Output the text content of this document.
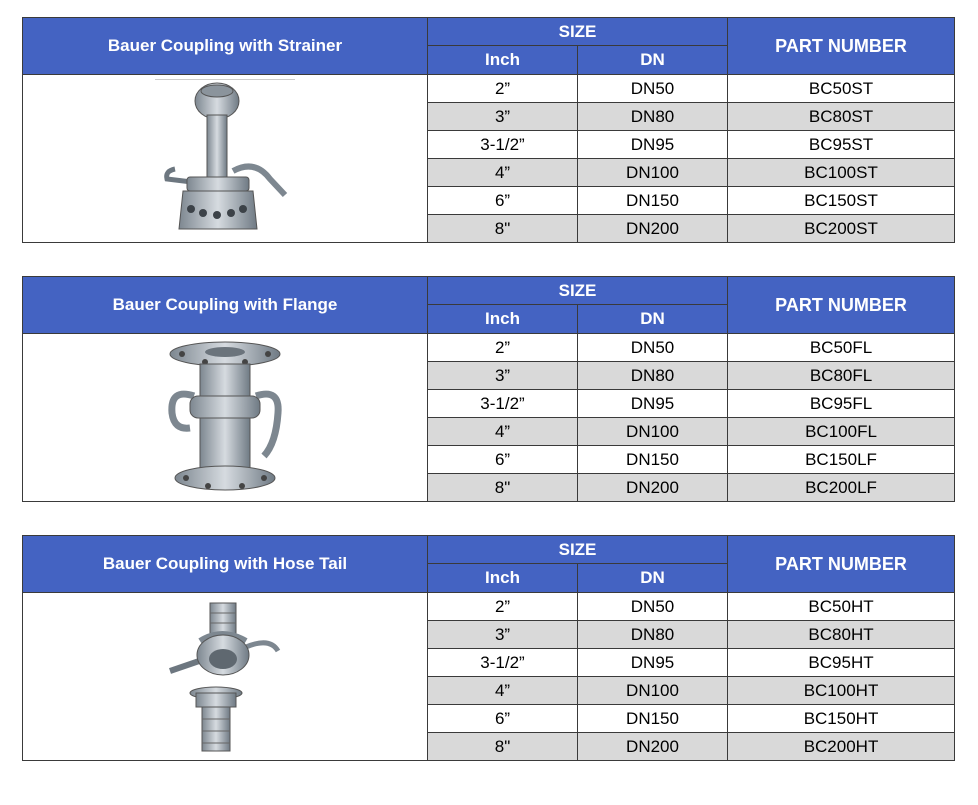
Bauer Coupling with Strainer	SIZE		PART NUMBER
	Inch	DN	

	2”	DN50	BC50ST
	3”	DN80	BC80ST
	3-1/2”	DN95	BC95ST
	4”	DN100	BC100ST
	6”	DN150	BC150ST
	8"	DN200	BC200ST
Bauer Coupling with Flange	SIZE		PART NUMBER
	Inch	DN	

	2”	DN50	BC50FL
	3”	DN80	BC80FL
	3-1/2”	DN95	BC95FL
	4”	DN100	BC100FL
	6”	DN150	BC150LF
	8"	DN200	BC200LF
Bauer Coupling with Hose Tail	SIZE		PART NUMBER
	Inch	DN	

	2”	DN50	BC50HT
	3”	DN80	BC80HT
	3-1/2”	DN95	BC95HT
	4”	DN100	BC100HT
	6”	DN150	BC150HT
	8"	DN200	BC200HT
